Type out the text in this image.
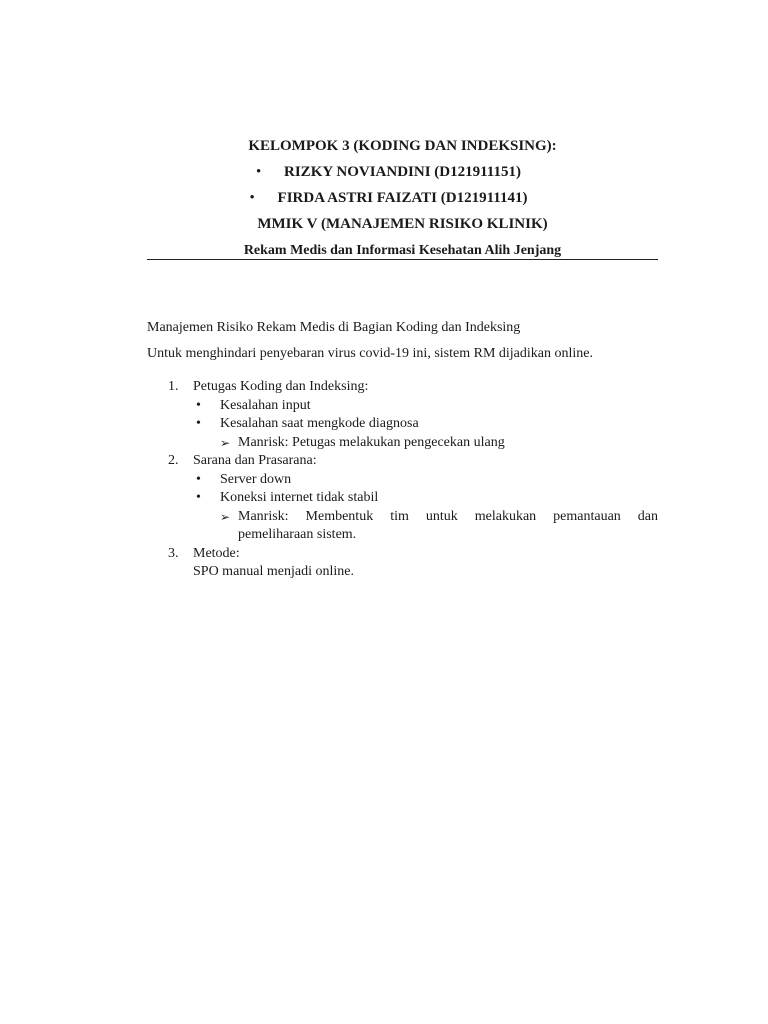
KELOMPOK 3 (KODING DAN INDEKSING):
• RIZKY NOVIANDINI (D121911151)
• FIRDA ASTRI FAIZATI (D121911141)
MMIK V (MANAJEMEN RISIKO KLINIK)
Rekam Medis dan Informasi Kesehatan Alih Jenjang
Manajemen Risiko Rekam Medis di Bagian Koding dan Indeksing
Untuk menghindari penyebaran virus covid-19 ini, sistem RM dijadikan online.
1.	Petugas Koding dan Indeksing:
• Kesalahan input
• Kesalahan saat mengkode diagnosa
➢ Manrisk: Petugas melakukan pengecekan ulang
2.	Sarana dan Prasarana:
• Server down
• Koneksi internet tidak stabil
➢ Manrisk: Membentuk tim untuk melakukan pemantauan dan
pemeliharaan sistem.
3.	Metode:
SPO manual menjadi online.
